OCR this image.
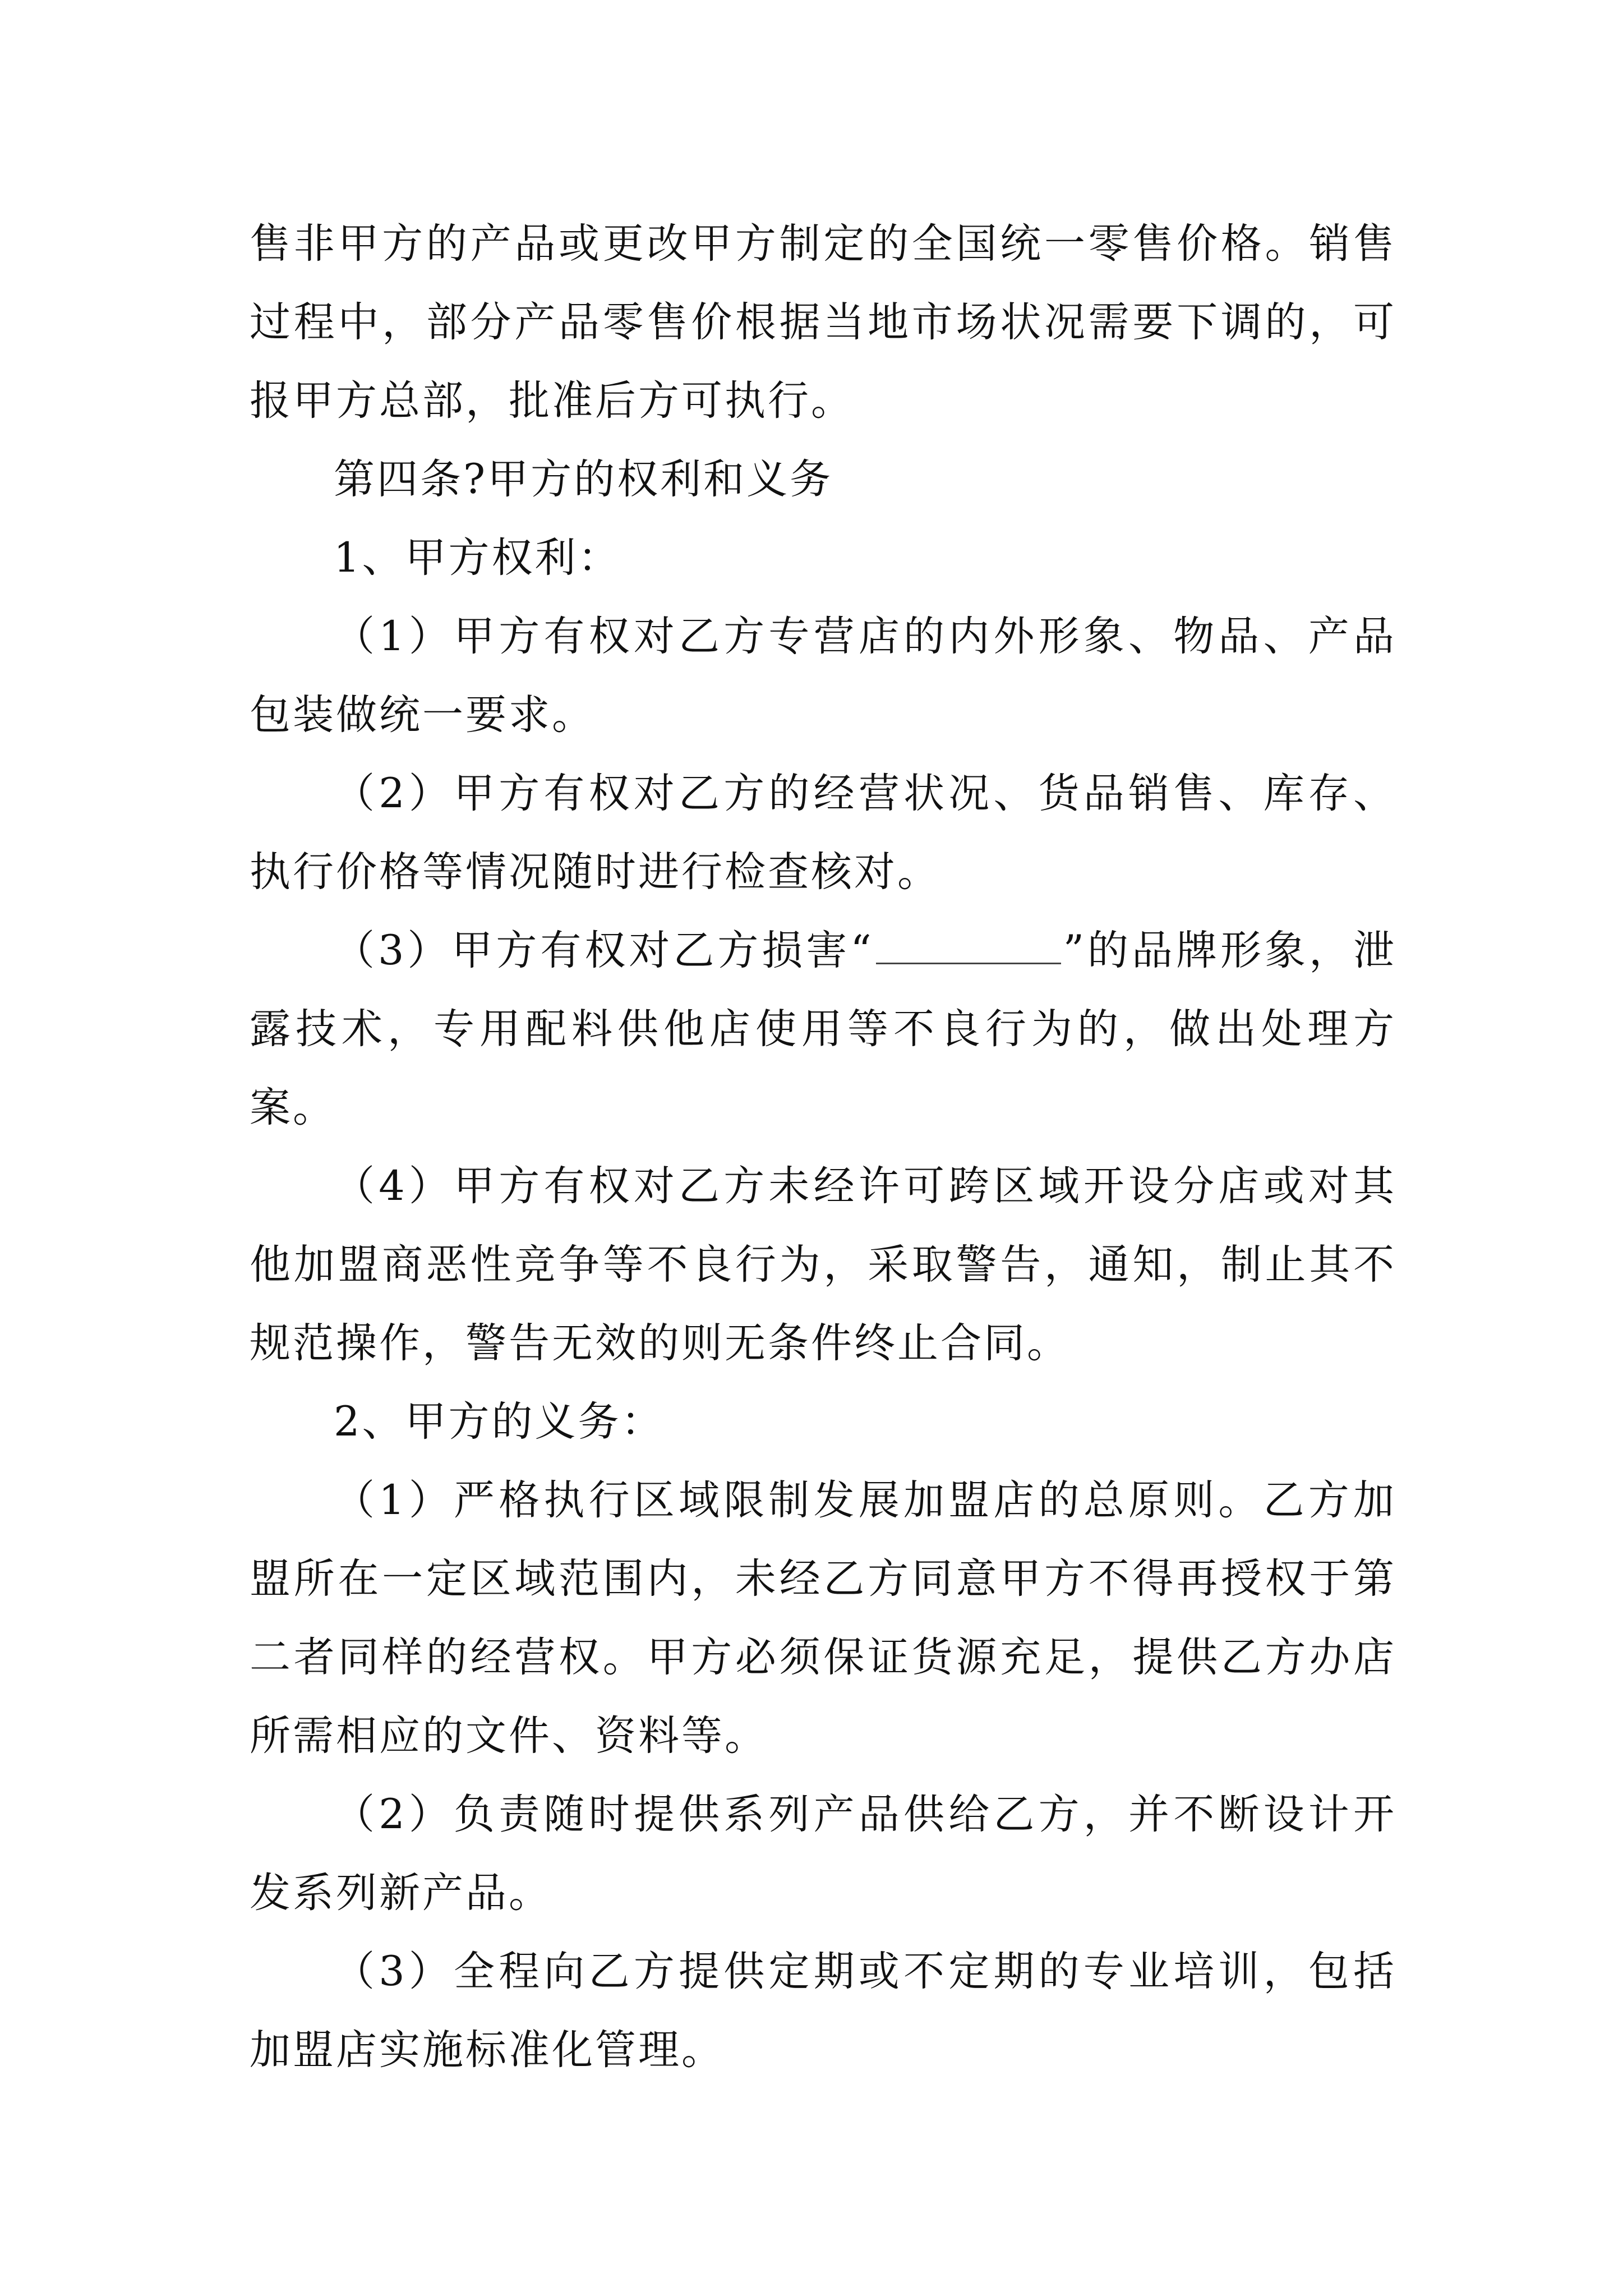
售非甲方的产品或更改甲方制定的全国统一零售价格。销售过程中，部分产品零售价根据当地市场状况需要下调的，可报甲方总部，批准后方可执行。

第四条?甲方的权利和义务

1、甲方权利：

（1）甲方有权对乙方专营店的内外形象、物品、产品包装做统一要求。

（2）甲方有权对乙方的经营状况、货品销售、库存、执行价格等情况随时进行检查核对。

（3）甲方有权对乙方损害“	”的品牌形象，泄露技术，专用配料供他店使用等不良行为的，做出处理方案。

（4）甲方有权对乙方未经许可跨区域开设分店或对其他加盟商恶性竞争等不良行为，采取警告，通知，制止其不规范操作，警告无效的则无条件终止合同。

2、甲方的义务：

（1）严格执行区域限制发展加盟店的总原则。乙方加盟所在一定区域范围内，未经乙方同意甲方不得再授权于第二者同样的经营权。甲方必须保证货源充足，提供乙方办店所需相应的文件、资料等。

（2）负责随时提供系列产品供给乙方，并不断设计开发系列新产品。

（3）全程向乙方提供定期或不定期的专业培训，包括加盟店实施标准化管理。
